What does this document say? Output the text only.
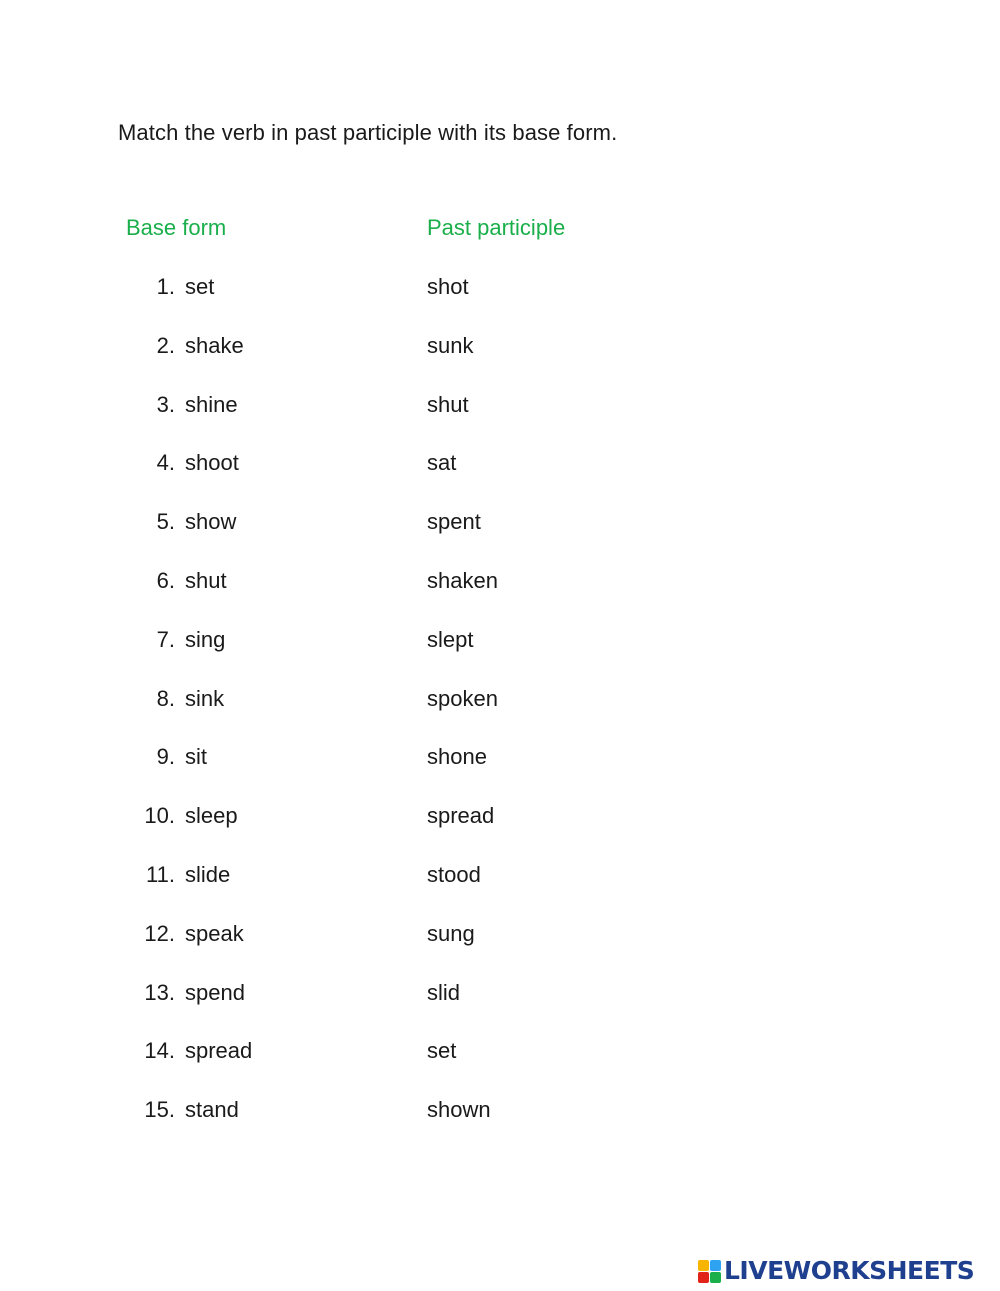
Match the verb in past participle with its base form.
Base form	Past participle
1. set	shot
2. shake	sunk
3. shine	shut
4. shoot	sat
5. show	spent
6. shut	shaken
7. sing	slept
8. sink	spoken
9. sit	shone
10. sleep	spread
11. slide	stood
12. speak	sung
13. spend	slid
14. spread	set
15. stand	shown
LIVEWORKSHEETS
